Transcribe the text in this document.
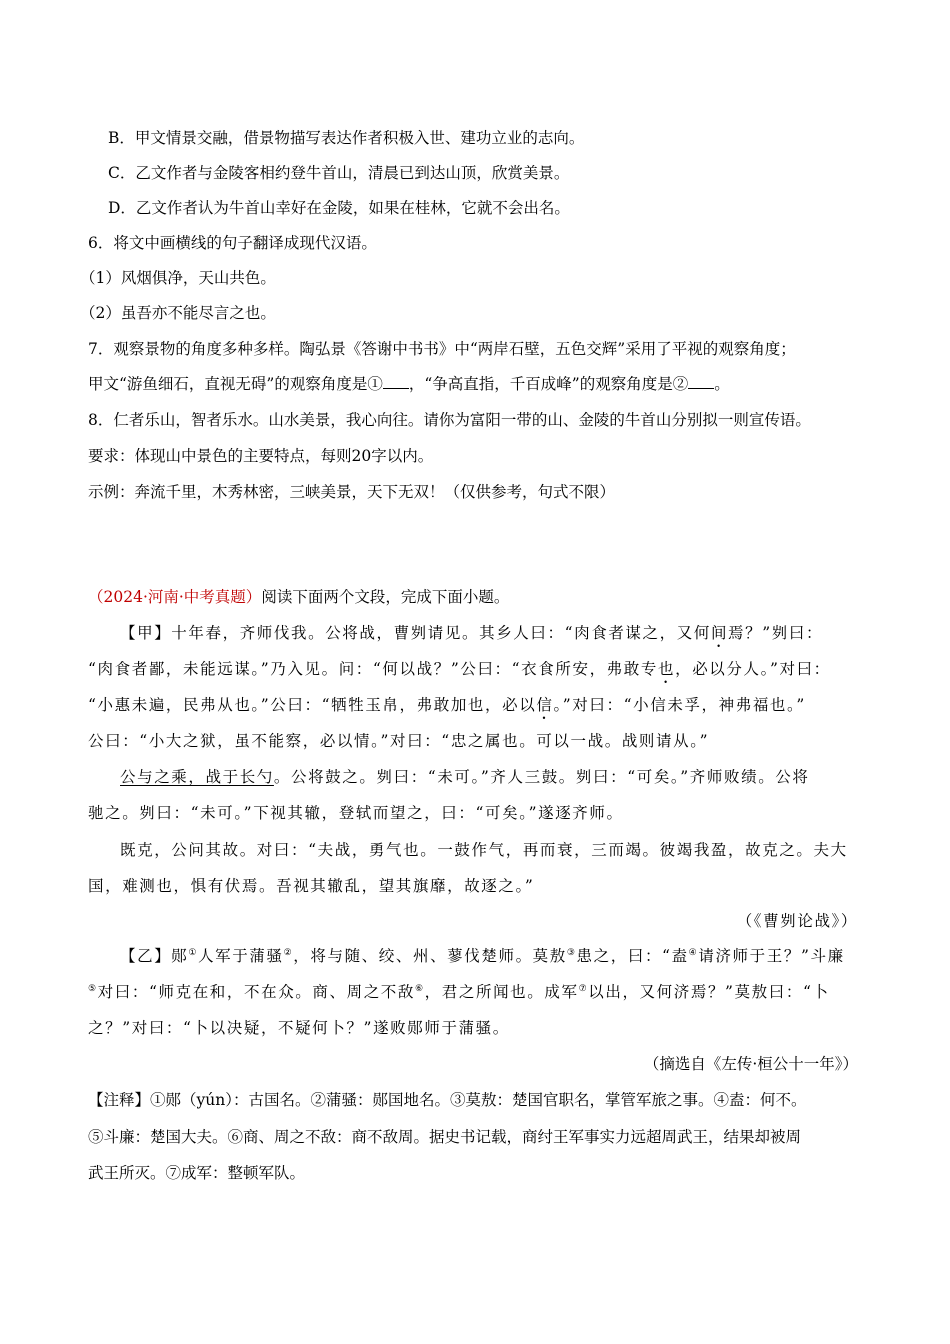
B．甲文情景交融，借景物描写表达作者积极入世、建功立业的志向。
C．乙文作者与金陵客相约登牛首山，清晨已到达山顶，欣赏美景。
D．乙文作者认为牛首山幸好在金陵，如果在桂林，它就不会出名。
6．将文中画横线的句子翻译成现代汉语。
（1）风烟俱净，天山共色。
（2）虽吾亦不能尽言之也。
7．观察景物的角度多种多样。陶弘景《答谢中书书》中“两岸石壁，五色交辉”采用了平视的观察角度；
甲文“游鱼细石，直视无碍”的观察角度是① ，“争高直指，千百成峰”的观察角度是② 。
8．仁者乐山，智者乐水。山水美景，我心向往。请你为富阳一带的山、金陵的牛首山分别拟一则宣传语。
要求：体现山中景色的主要特点，每则20字以内。
示例：奔流千里，木秀林密，三峡美景，天下无双！（仅供参考，句式不限）
（2024·河南·中考真题）阅读下面两个文段，完成下面小题。
【甲】十年春，齐师伐我。公将战，曹刿请见。其乡人曰：“肉食者谋之，又何间焉？”刿曰：
“肉食者鄙，未能远谋。”乃入见。问：“何以战？”公曰：“衣食所安，弗敢专也，必以分人。”对曰：
“小惠未遍，民弗从也。”公曰：“牺牲玉帛，弗敢加也，必以信。”对曰：“小信未孚，神弗福也。”
公曰：“小大之狱，虽不能察，必以情。”对曰：“忠之属也。可以一战。战则请从。”
公与之乘，战于长勺。公将鼓之。刿曰：“未可。”齐人三鼓。刿曰：“可矣。”齐师败绩。公将
驰之。刿曰：“未可。”下视其辙，登轼而望之，曰：“可矣。”遂逐齐师。
既克，公问其故。对曰：“夫战，勇气也。一鼓作气，再而衰，三而竭。彼竭我盈，故克之。夫大
国，难测也，惧有伏焉。吾视其辙乱，望其旗靡，故逐之。”
（《曹刿论战》）
【乙】郧①人军于蒲骚②，将与随、绞、州、蓼伐楚师。莫敖③患之，曰：“盍④请济师于王？”斗廉
⑤对曰：“师克在和，不在众。商、周之不敌⑥，君之所闻也。成军⑦以出，又何济焉？”莫敖曰：“卜
之？”对曰：“卜以决疑，不疑何卜？”遂败郧师于蒲骚。
（摘选自《左传·桓公十一年》）
【注释】①郧（yún）：古国名。②蒲骚：郧国地名。③莫敖：楚国官职名，掌管军旅之事。④盍：何不。
⑤斗廉：楚国大夫。⑥商、周之不敌：商不敌周。据史书记载，商纣王军事实力远超周武王，结果却被周
武王所灭。⑦成军：整顿军队。
